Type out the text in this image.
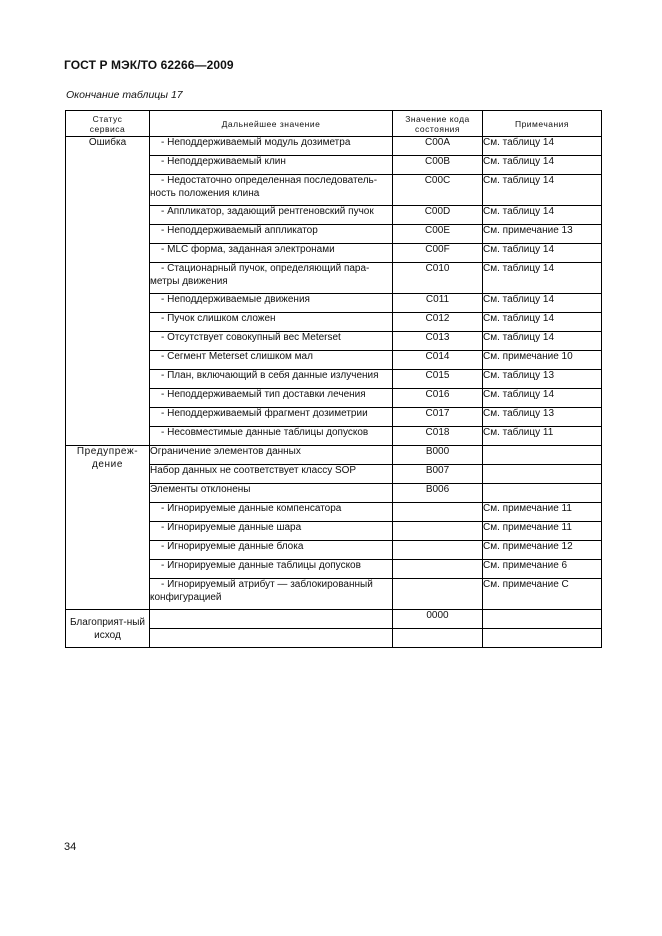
ГОСТ Р МЭК/ТО 62266—2009
Окончание таблицы 17
Статус сервиса	Дальнейшее значение	Значение кода состояния	Примечания
Ошибка	- Неподдерживаемый модуль дозиметра	C00A	См. таблицу 14
	- Неподдерживаемый клин	C00B	См. таблицу 14
	- Недостаточно определенная последователь-ность положения клина	C00C	См. таблицу 14
	- Аппликатор, задающий рентгеновский пучок	C00D	См. таблицу 14
	- Неподдерживаемый аппликатор	C00E	См. примечание 13
	- MLC форма, заданная электронами	C00F	См. таблицу 14
	- Стационарный пучок, определяющий пара-метры движения	C010	См. таблицу 14
	- Неподдерживаемые движения	C011	См. таблицу 14
	- Пучок слишком сложен	C012	См. таблицу 14
	- Отсутствует совокупный вес Meterset	C013	См. таблицу 14
	- Сегмент Meterset слишком мал	C014	См. примечание 10
	- План, включающий в себя данные излучения	C015	См. таблицу 13
	- Неподдерживаемый тип доставки лечения	C016	См. таблицу 14
	- Неподдерживаемый фрагмент дозиметрии	C017	См. таблицу 13
	- Несовместимые данные таблицы допусков	C018	См. таблицу 11
Предупреж-дение	Ограничение элементов данных	B000	
	Набор данных не соответствует классу SOP	B007	
	Элементы отклонены	B006	
	- Игнорируемые данные компенсатора		См. примечание 11
	- Игнорируемые данные шара		См. примечание 11
	- Игнорируемые данные блока		См. примечание 12
	- Игнорируемые данные таблицы допусков		См. примечание 6
	- Игнорируемый атрибут — заблокированный конфигурацией		См. примечание C
Благоприят-ный исход		0000	

34
